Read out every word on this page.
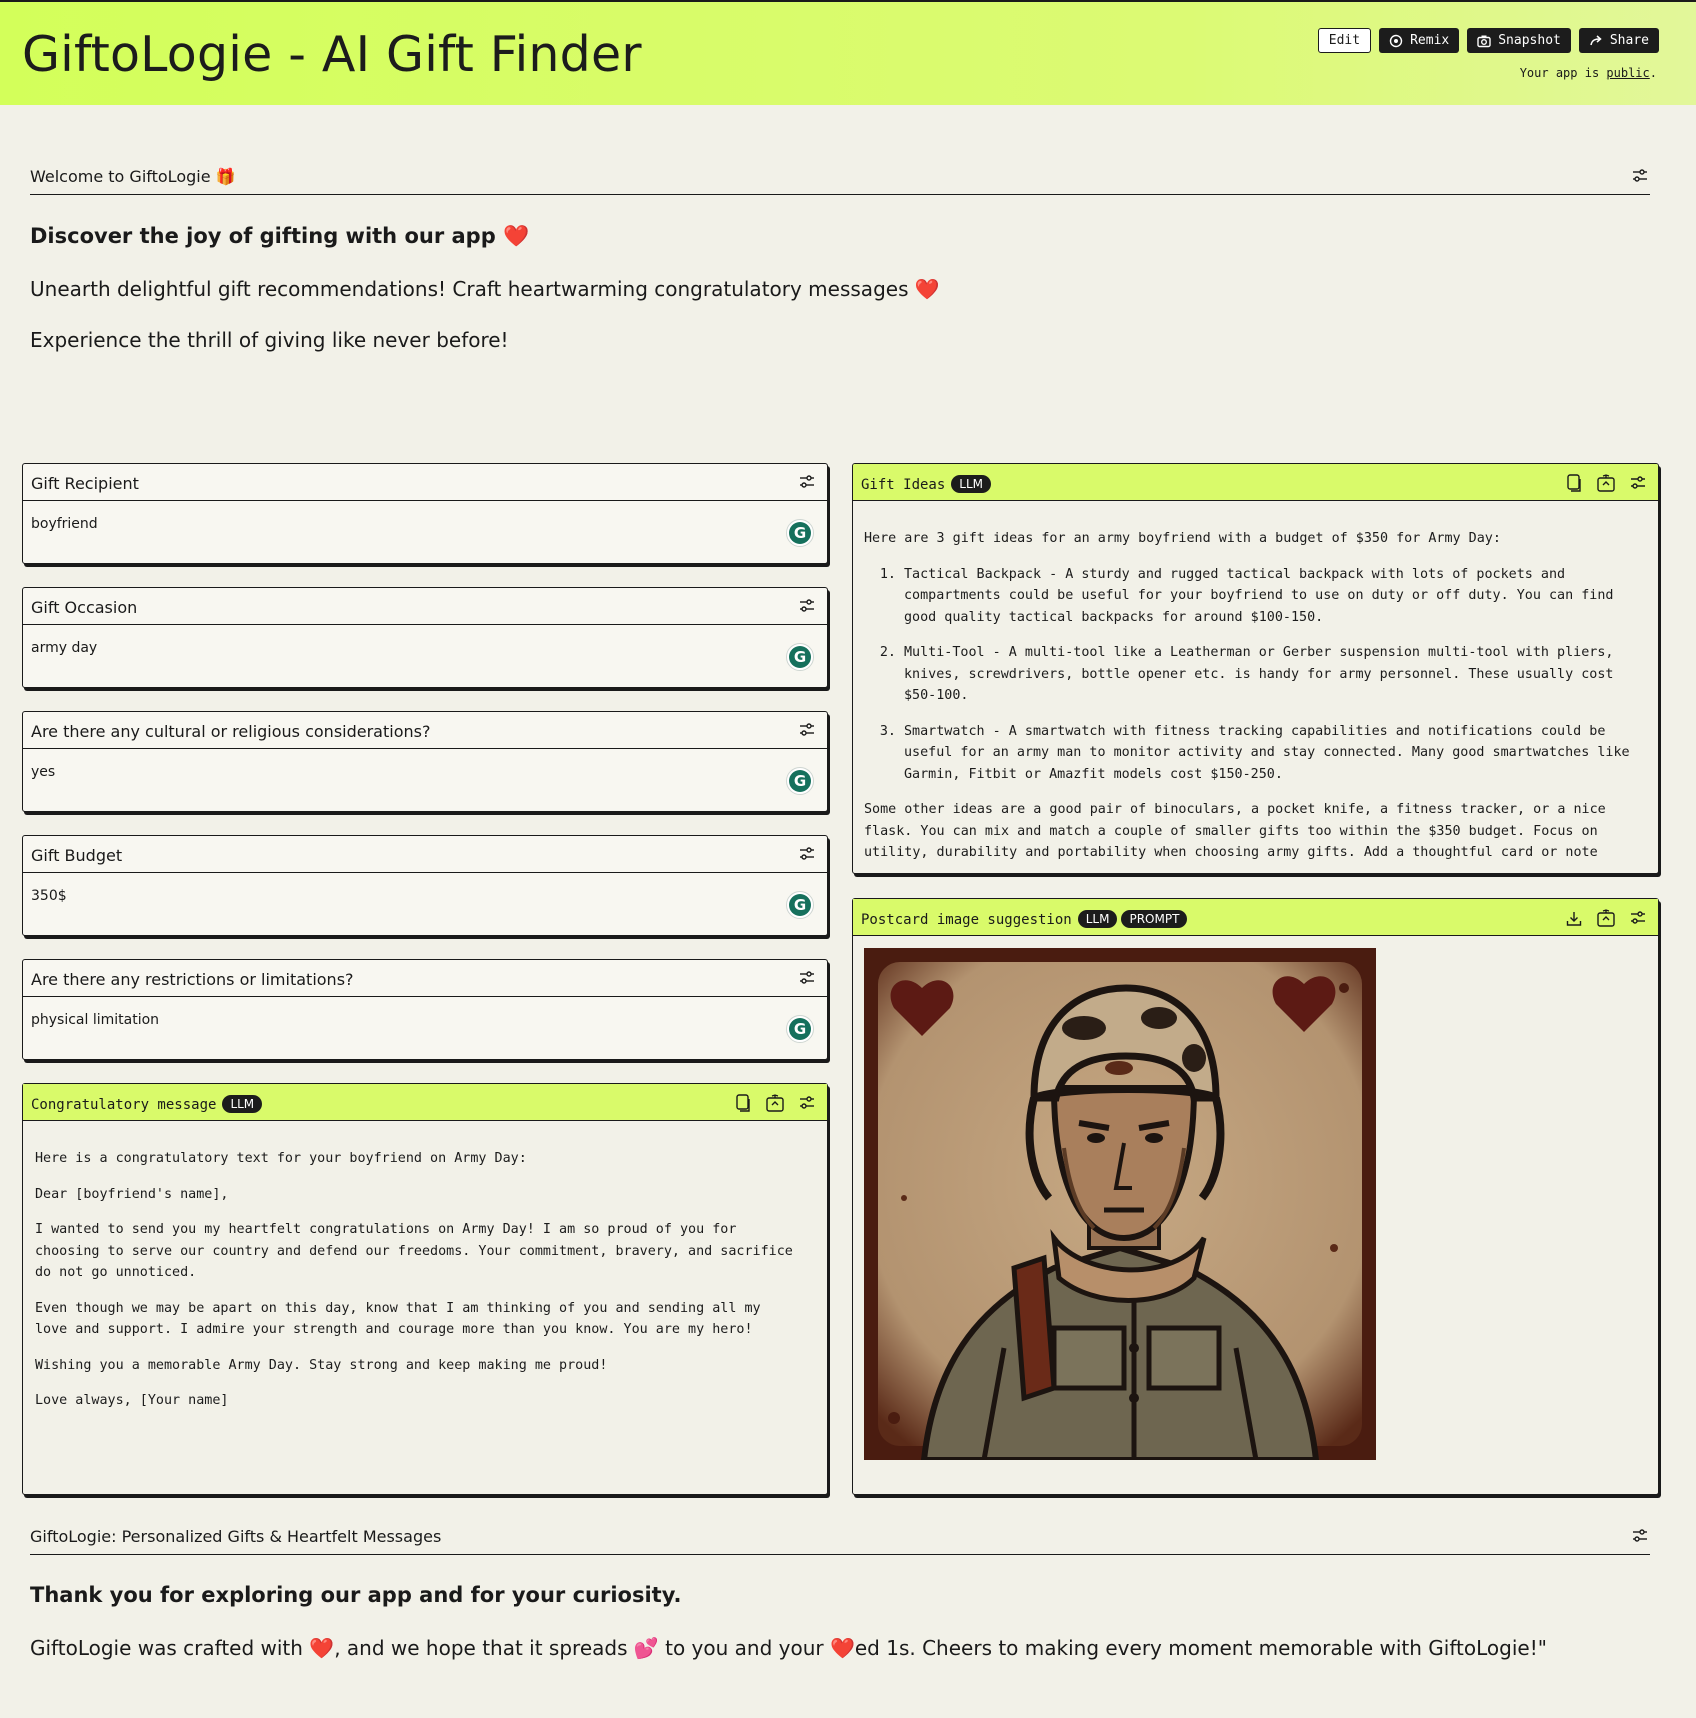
GiftoLogie - AI Gift Finder	Edit	Remix	Snapshot	Share
Your app is public.
Welcome to GiftoLogie 🎁
Discover the joy of gifting with our app ❤️
Unearth delightful gift recommendations! Craft heartwarming congratulatory messages ❤️
Experience the thrill of giving like never before!
Gift Recipient
boyfriend	G
Gift Occasion
army day	G
Are there any cultural or religious considerations?
yes	G
Gift Budget
350$	G
Are there any restrictions or limitations?
physical limitation	G
Congratulatory message LLM

Here is a congratulatory text for your boyfriend on Army Day:

Dear [boyfriend's name],

I wanted to send you my heartfelt congratulations on Army Day! I am so proud of you for choosing to serve our country and defend our freedoms. Your commitment, bravery, and sacrifice do not go unnoticed.

Even though we may be apart on this day, know that I am thinking of you and sending all my love and support. I admire your strength and courage more than you know. You are my hero!

Wishing you a memorable Army Day. Stay strong and keep making me proud!

Love always, [Your name]

Gift Ideas LLM

Here are 3 gift ideas for an army boyfriend with a budget of $350 for Army Day:

1. Tactical Backpack - A sturdy and rugged tactical backpack with lots of pockets and compartments could be useful for your boyfriend to use on duty or off duty. You can find good quality tactical backpacks for around $100-150.
2. Multi-Tool - A multi-tool like a Leatherman or Gerber suspension multi-tool with pliers, knives, screwdrivers, bottle opener etc. is handy for army personnel. These usually cost $50-100.
3. Smartwatch - A smartwatch with fitness tracking capabilities and notifications could be useful for an army man to monitor activity and stay connected. Many good smartwatches like Garmin, Fitbit or Amazfit models cost $150-250.

Some other ideas are a good pair of binoculars, a pocket knife, a fitness tracker, or a nice flask. You can mix and match a couple of smaller gifts too within the $350 budget. Focus on utility, durability and portability when choosing army gifts. Add a thoughtful card or note

Postcard image suggestion LLM PROMPT
GiftoLogie: Personalized Gifts & Heartfelt Messages
Thank you for exploring our app and for your curiosity.
GiftoLogie was crafted with ❤️, and we hope that it spreads 💕 to you and your ❤️ed 1s. Cheers to making every moment memorable with GiftoLogie!"
